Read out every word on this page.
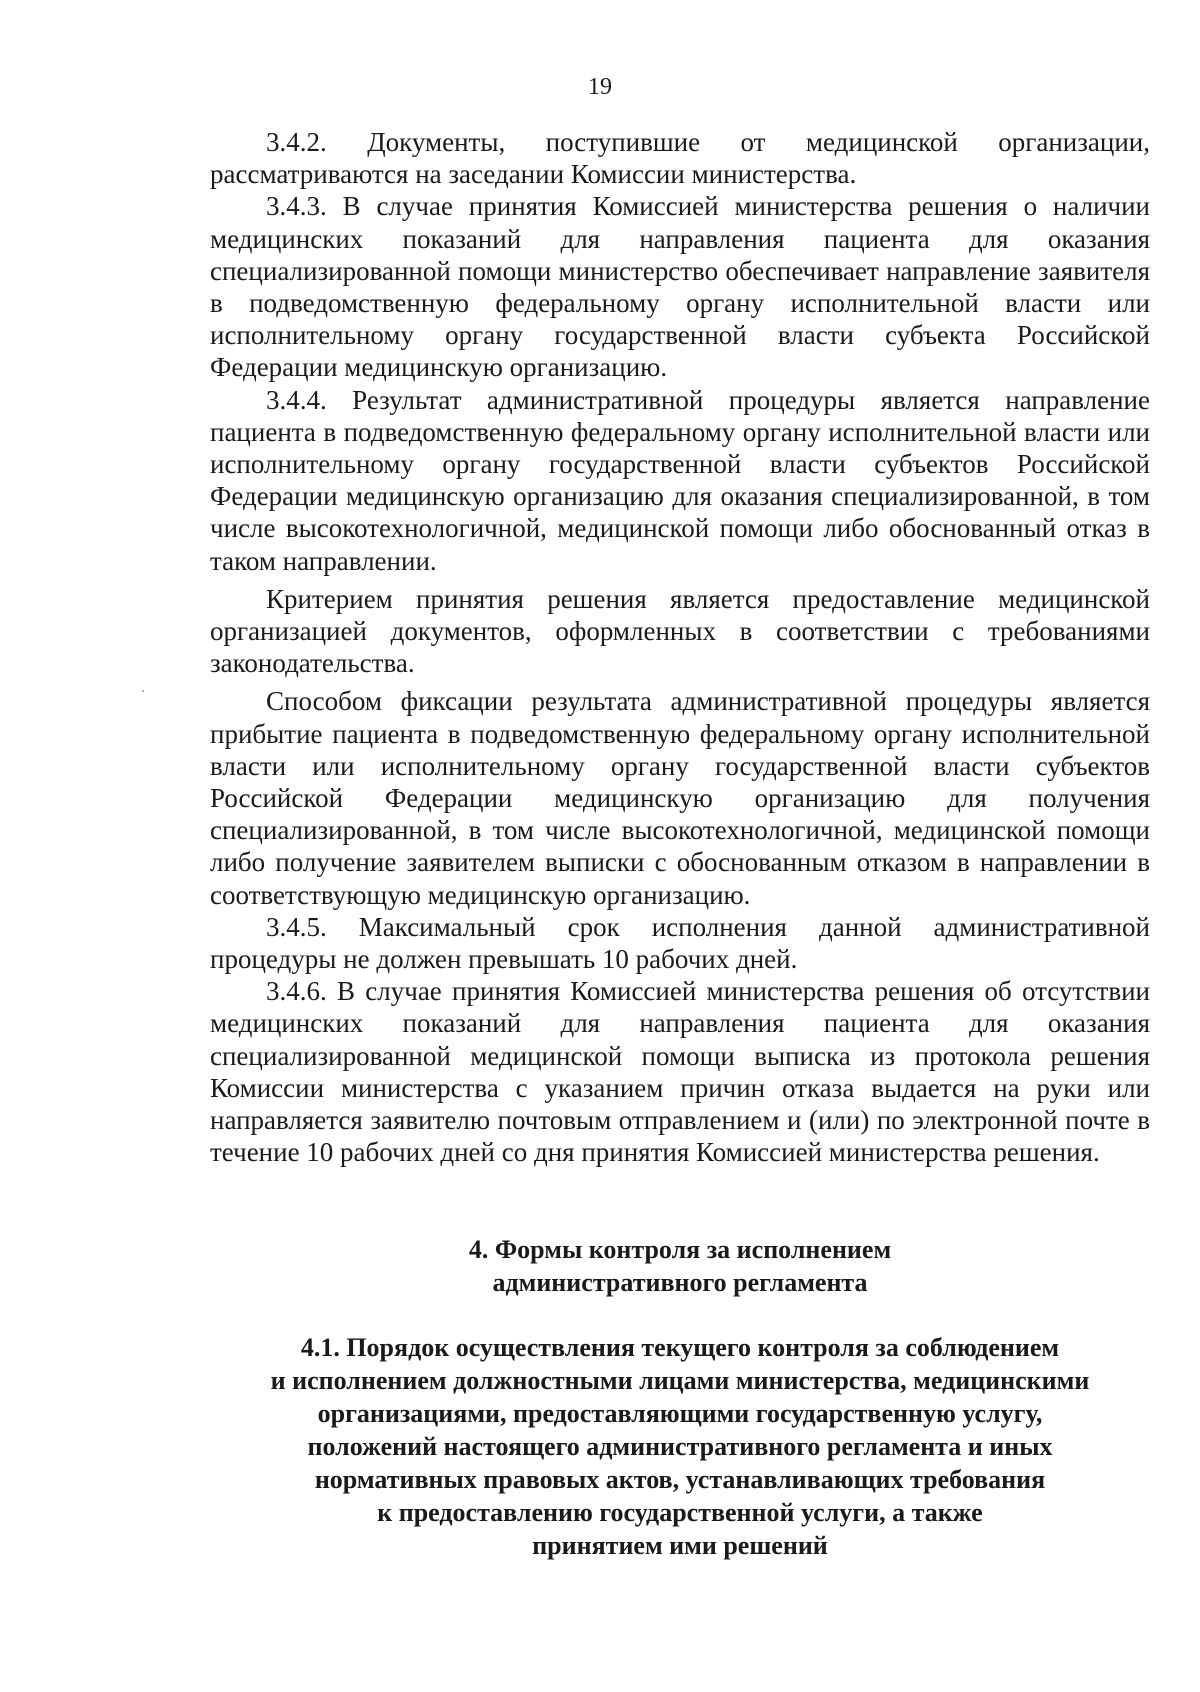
19

3.4.2. Документы, поступившие от медицинской организации, рассматриваются на заседании Комиссии министерства.

3.4.3. В случае принятия Комиссией министерства решения о наличии медицинских показаний для направления пациента для оказания специализированной помощи министерство обеспечивает направление заявителя в подведомственную федеральному органу исполнительной власти или исполнительному органу государственной власти субъекта Российской Федерации медицинскую организацию.

3.4.4. Результат административной процедуры является направление пациента в подведомственную федеральному органу исполнительной власти или исполнительному органу государственной власти субъектов Российской Федерации медицинскую организацию для оказания специализированной, в том числе высокотехнологичной, медицинской помощи либо обоснованный отказ в таком направлении.

Критерием принятия решения является предоставление медицинской организацией документов, оформленных в соответствии с требованиями законодательства.

Способом фиксации результата административной процедуры является прибытие пациента в подведомственную федеральному органу исполнительной власти или исполнительному органу государственной власти субъектов Российской Федерации медицинскую организацию для получения специализированной, в том числе высокотехнологичной, медицинской помощи либо получение заявителем выписки с обоснованным отказом в направлении в соответствующую медицинскую организацию.

3.4.5. Максимальный срок исполнения данной административной процедуры не должен превышать 10 рабочих дней.

3.4.6. В случае принятия Комиссией министерства решения об отсутствии медицинских показаний для направления пациента для оказания специализированной медицинской помощи выписка из протокола решения Комиссии министерства с указанием причин отказа выдается на руки или направляется заявителю почтовым отправлением и (или) по электронной почте в течение 10 рабочих дней со дня принятия Комиссией министерства решения.

4. Формы контроля за исполнением
административного регламента
4.1. Порядок осуществления текущего контроля за соблюдением
и исполнением должностными лицами министерства, медицинскими
организациями, предоставляющими государственную услугу,
положений настоящего административного регламента и иных
нормативных правовых актов, устанавливающих требования
к предоставлению государственной услуги, а также
принятием ими решений
